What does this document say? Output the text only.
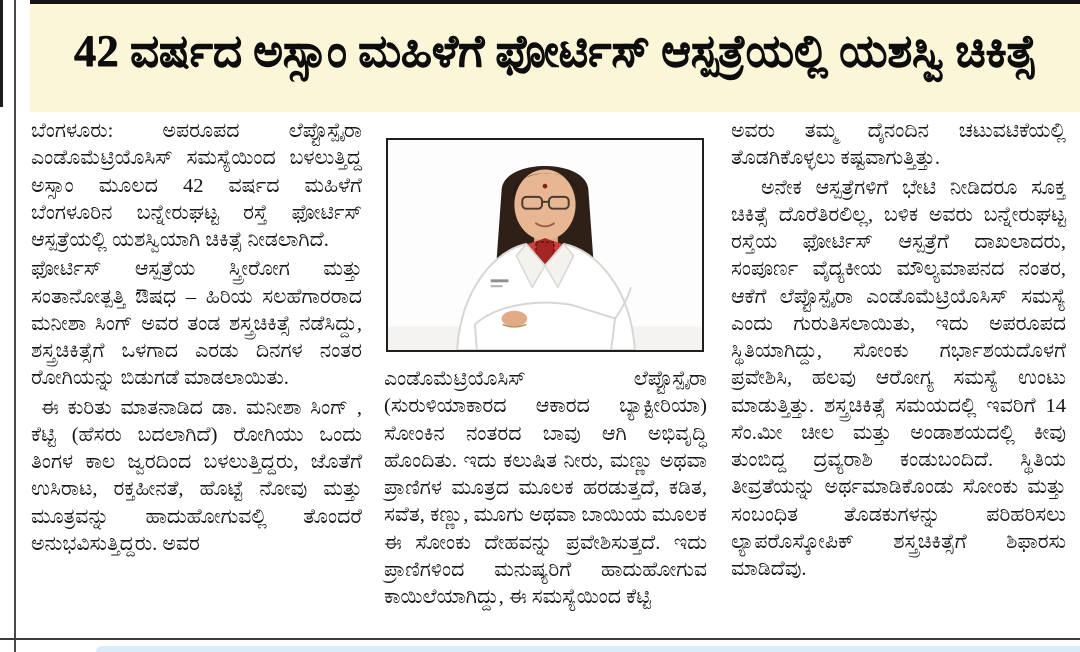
42 ವರ್ಷದ ಅಸ್ಸಾಂ ಮಹಿಳೆಗೆ ಫೋರ್ಟಿಸ್ ಆಸ್ಪತ್ರೆಯಲ್ಲಿ ಯಶಸ್ವಿ ಚಿಕಿತ್ಸೆ

ಬೆಂಗಳೂರು: ಅಪರೂಪದ ಲೆಪ್ಟೊಸ್ಪೈರಾ ಎಂಡೊಮೆಟ್ರಿಯೊಸಿಸ್ ಸಮಸ್ಯೆಯಿಂದ ಬಳಲುತ್ತಿದ್ದ ಅಸ್ಸಾಂ ಮೂಲದ 42 ವರ್ಷದ ಮಹಿಳೆಗೆ ಬೆಂಗಳೂರಿನ ಬನ್ನೇರುಘಟ್ಟ ರಸ್ತೆ ಫೋರ್ಟಿಸ್ ಆಸ್ಪತ್ರೆಯಲ್ಲಿ ಯಶಸ್ವಿಯಾಗಿ ಚಿಕಿತ್ಸೆ ನೀಡಲಾಗಿದೆ.

ಫೋರ್ಟಿಸ್ ಆಸ್ಪತ್ರೆಯ ಸ್ತ್ರೀರೋಗ ಮತ್ತು ಸಂತಾನೋತ್ಪತ್ತಿ ಔಷಧ – ಹಿರಿಯ ಸಲಹೆಗಾರರಾದ ಮನೀಶಾ ಸಿಂಗ್ ಅವರ ತಂಡ ಶಸ್ತ್ರಚಿಕಿತ್ಸೆ ನಡೆಸಿದ್ದು, ಶಸ್ತ್ರಚಿಕಿತ್ಸೆಗೆ ಒಳಗಾದ ಎರಡು ದಿನಗಳ ನಂತರ ರೋಗಿಯನ್ನು ಬಿಡುಗಡೆ ಮಾಡಲಾಯಿತು.

ಈ ಕುರಿತು ಮಾತನಾಡಿದ ಡಾ. ಮನೀಶಾ ಸಿಂಗ್ , ಕೆಟ್ಟಿ (ಹೆಸರು ಬದಲಾಗಿದೆ) ರೋಗಿಯು ಒಂದು ತಿಂಗಳ ಕಾಲ ಜ್ವರದಿಂದ ಬಳಲುತ್ತಿದ್ದರು, ಜೊತೆಗೆ ಉಸಿರಾಟ, ರಕ್ತಹೀನತೆ, ಹೊಟ್ಟೆ ನೋವು ಮತ್ತು ಮೂತ್ರವನ್ನು ಹಾದುಹೋಗುವಲ್ಲಿ ತೊಂದರೆ ಅನುಭವಿಸುತ್ತಿದ್ದರು. ಅವರ

ಎಂಡೊಮೆಟ್ರಿಯೊಸಿಸ್ ಲೆಪ್ಟೊಸ್ಪೈರಾ (ಸುರುಳಿಯಾಕಾರದ ಆಕಾರದ ಬ್ಯಾಕ್ಟೀರಿಯಾ) ಸೋಂಕಿನ ನಂತರದ ಬಾವು ಆಗಿ ಅಭಿವೃದ್ಧಿ ಹೊಂದಿತು. ಇದು ಕಲುಷಿತ ನೀರು, ಮಣ್ಣು ಅಥವಾ ಪ್ರಾಣಿಗಳ ಮೂತ್ರದ ಮೂಲಕ ಹರಡುತ್ತದೆ, ಕಡಿತ, ಸವೆತ, ಕಣ್ಣು, ಮೂಗು ಅಥವಾ ಬಾಯಿಯ ಮೂಲಕ ಈ ಸೋಂಕು ದೇಹವನ್ನು ಪ್ರವೇಶಿಸುತ್ತದೆ. ಇದು ಪ್ರಾಣಿಗಳಿಂದ ಮನುಷ್ಯರಿಗೆ ಹಾದುಹೋಗುವ ಕಾಯಿಲೆಯಾಗಿದ್ದು, ಈ ಸಮಸ್ಯೆಯಿಂದ ಕೆಟ್ಟಿ

ಅವರು ತಮ್ಮ ದೈನಂದಿನ ಚಟುವಟಿಕೆಯಲ್ಲಿ ತೊಡಗಿಕೊಳ್ಳಲು ಕಷ್ಟವಾಗುತ್ತಿತ್ತು.

ಅನೇಕ ಆಸ್ಪತ್ರೆಗಳಿಗೆ ಭೇಟಿ ನೀಡಿದರೂ ಸೂಕ್ತ ಚಿಕಿತ್ಸೆ ದೊರೆತಿರಲಿಲ್ಲ, ಬಳಿಕ ಅವರು ಬನ್ನೇರುಘಟ್ಟ ರಸ್ತೆಯ ಫೋರ್ಟಿಸ್ ಆಸ್ಪತ್ರೆಗೆ ದಾಖಲಾದರು, ಸಂಪೂರ್ಣ ವೈದ್ಯಕೀಯ ಮೌಲ್ಯಮಾಪನದ ನಂತರ, ಆಕೆಗೆ ಲೆಪ್ಟೊಸ್ಪೈರಾ ಎಂಡೊಮೆಟ್ರಿಯೊಸಿಸ್ ಸಮಸ್ಯೆ ಎಂದು ಗುರುತಿಸಲಾಯಿತು, ಇದು ಅಪರೂಪದ ಸ್ಥಿತಿಯಾಗಿದ್ದು, ಸೋಂಕು ಗರ್ಭಾಶಯದೊಳಗೆ ಪ್ರವೇಶಿಸಿ, ಹಲವು ಆರೋಗ್ಯ ಸಮಸ್ಯೆ ಉಂಟು ಮಾಡುತ್ತಿತ್ತು. ಶಸ್ತ್ರಚಿಕಿತ್ಸೆ ಸಮಯದಲ್ಲಿ ಇವರಿಗೆ 14 ಸೆಂ.ಮೀ ಚೀಲ ಮತ್ತು ಅಂಡಾಶಯದಲ್ಲಿ ಕೀವು ತುಂಬಿದ್ದ ದ್ರವ್ಯರಾಶಿ ಕಂಡುಬಂದಿದೆ. ಸ್ಥಿತಿಯ ತೀವ್ರತೆಯನ್ನು ಅರ್ಥಮಾಡಿಕೊಂಡು ಸೋಂಕು ಮತ್ತು ಸಂಬಂಧಿತ ತೊಡಕುಗಳನ್ನು ಪರಿಹರಿಸಲು ಲ್ಯಾಪರೊಸ್ಕೋಪಿಕ್ ಶಸ್ತ್ರಚಿಕಿತ್ಸೆಗೆ ಶಿಫಾರಸು ಮಾಡಿದೆವು.
